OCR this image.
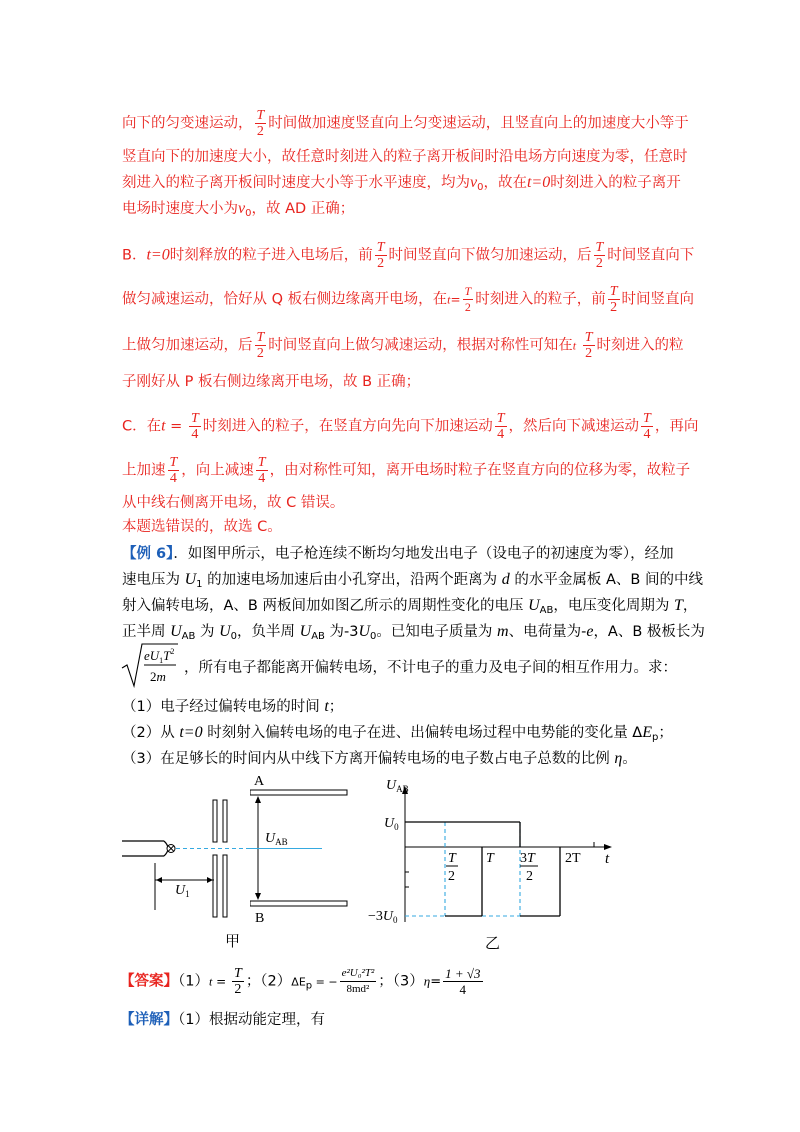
向下的匀变速运动， $\frac{T}{2}$ 时间做加速度竖直向上匀变速运动，且竖直向上的加速度大小等于
竖直向下的加速度大小，故任意时刻进入的粒子离开板间时沿电场方向速度为零，任意时
刻进入的粒子离开板间时速度大小等于水平速度，均为$v_0$，故在t=0时刻进入的粒子离开
电场时速度大小为$v_0$，故 AD 正确；
B．t=0时刻释放的粒子进入电场后，前 $\frac{T}{2}$ 时间竖直向下做匀加速运动，后 $\frac{T}{2}$ 时间竖直向下
做匀减速运动，恰好从 Q 板右侧边缘离开电场，在$t= \frac{T}{2}$ 时刻进入的粒子，前 $\frac{T}{2}$ 时间竖直向
上做匀加速运动，后 $\frac{T}{2}$ 时间竖直向上做匀减速运动，根据对称性可知在t $\frac{T}{2}$ 时刻进入的粒
子刚好从 P 板右侧边缘离开电场，故 B 正确；
C．在$t = \frac{T}{4}$ 时刻进入的粒子，在竖直方向先向下加速运动 $\frac{T}{4}$ ，然后向下减速运动 $\frac{T}{4}$ ，再向
上加速 $\frac{T}{4}$ ，向上减速 $\frac{T}{4}$ ，由对称性可知，离开电场时粒子在竖直方向的位移为零，故粒子
从中线右侧离开电场，故 C 错误。
本题选错误的，故选 C。
【例 6】．如图甲所示，电子枪连续不断均匀地发出电子（设电子的初速度为零），经加
速电压为 $U_1$ 的加速电场加速后由小孔穿出，沿两个距离为 d 的水平金属板 A、B 间的中线
射入偏转电场，A、B 两板间加如图乙所示的周期性变化的电压 $U_{AB}$，电压变化周期为 T，
正半周 $U_{AB}$ 为 $U_0$，负半周 $U_{AB}$ 为$-3U_0$。已知电子质量为 m、电荷量为-e，A、B 极板长为
$eU_1T^2$
2m
，所有电子都能离开偏转电场，不计电子的重力及电子间的相互作用力。求：
（1）电子经过偏转电场的时间 t；
（2）从 t=0 时刻射入偏转电场的电子在进、出偏转电场过程中电势能的变化量 $\Delta E_p$；
（3）在足够长的时间内从中线下方离开偏转电场的电子数占电子总数的比例 η。
$U_1$
A
B
$U_{AB}$
甲
$U_{AB}$
t
$U_0$
$-3U_0$
T
2
T 3T
2
2T
乙
【答案】$(1)t = \frac{T}{2}$ ；$(2)\Delta E_p$ = − $\frac{\text{e²U₀²T²}}{\text{8md²}}$ ；$(3)\eta= \frac{1 + √3}{4}$
【详解】（1）根据动能定理，有
